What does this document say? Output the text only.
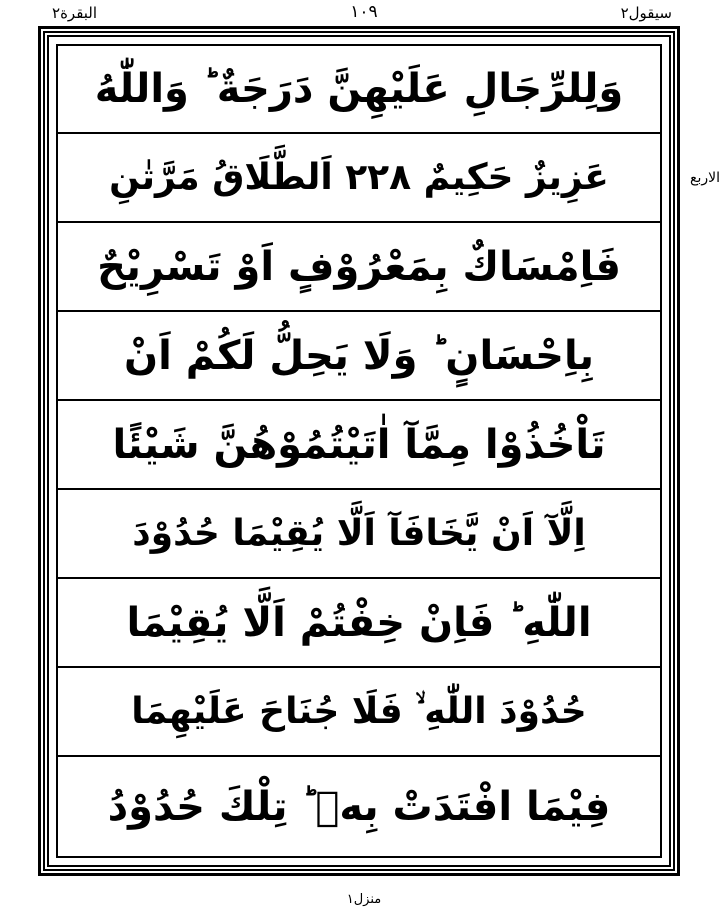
البقرة۲	۱۰۹	سیقول۲
وَلِلرِّجَالِ عَلَيْهِنَّ دَرَجَةٌ ؕ وَاللّٰهُ
عَزِيزٌ حَكِيمٌ ۲۲۸ اَلطَّلَاقُ مَرَّتٰنِ
فَاِمْسَاكٌ بِمَعْرُوْفٍ اَوْ تَسْرِيْحٌ
بِاِحْسَانٍ ؕ وَلَا يَحِلُّ لَكُمْ اَنْ
تَاْخُذُوْا مِمَّآ اٰتَيْتُمُوْهُنَّ شَيْئًا
اِلَّآ اَنْ يَّخَافَآ اَلَّا يُقِيْمَا حُدُوْدَ
اللّٰهِ ؕ فَاِنْ خِفْتُمْ اَلَّا يُقِيْمَا
حُدُوْدَ اللّٰهِ ۙ فَلَا جُنَاحَ عَلَيْهِمَا
فِيْمَا افْتَدَتْ بِهٖ ؕ تِلْكَ حُدُوْدُ
الاربع
منزل۱
